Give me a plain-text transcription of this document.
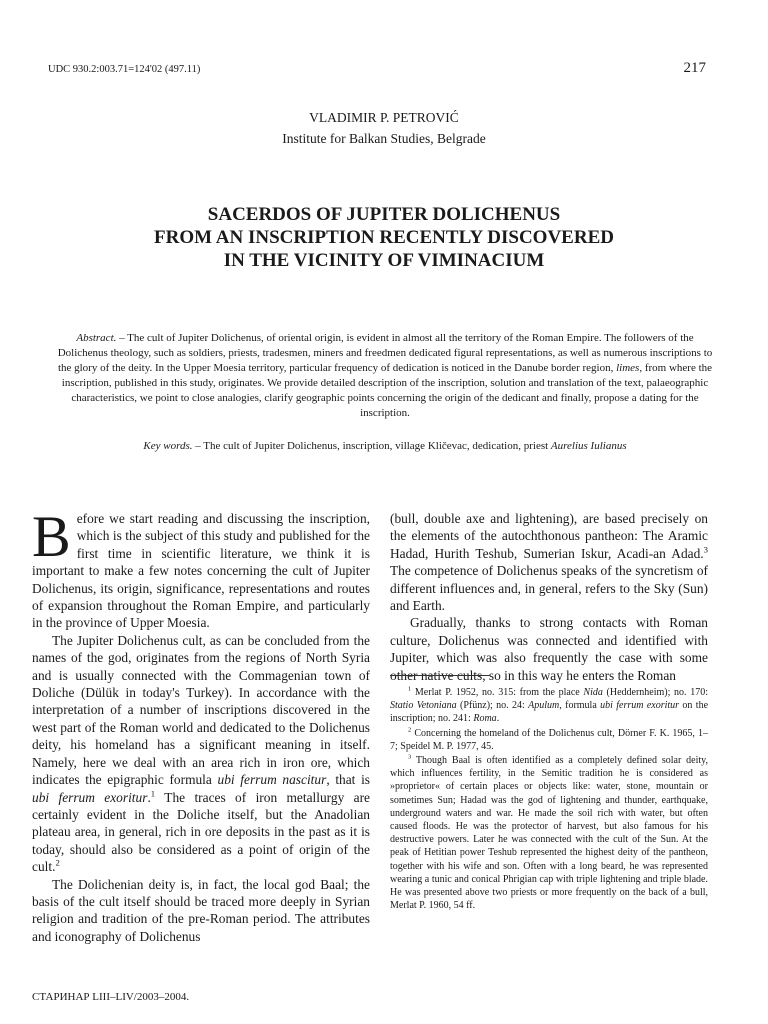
UDC 930.2:003.71=124'02 (497.11)	217
VLADIMIR P. PETROVIĆ
Institute for Balkan Studies, Belgrade
SACERDOS OF JUPITER DOLICHENUS
FROM AN INSCRIPTION RECENTLY DISCOVERED
IN THE VICINITY OF VIMINACIUM
Abstract. – The cult of Jupiter Dolichenus, of oriental origin, is evident in almost all the territory of the Roman Empire. The followers of the Dolichenus theology, such as soldiers, priests, tradesmen, miners and freedmen dedicated figural representations, as well as numerous inscriptions to the glory of the deity. In the Upper Moesia territory, particular frequency of dedication is noticed in the Danube border region, limes, from where the inscription, published in this study, originates. We provide detailed description of the inscription, solution and translation of the text, palaeographic characteristics, we point to close analogies, clarify geographic points concerning the origin of the dedicant and finally, propose a dating for the inscription.
Key words. – The cult of Jupiter Dolichenus, inscription, village Kličevac, dedication, priest Aurelius Iulianus

Before we start reading and discussing the inscription, which is the subject of this study and published for the first time in scientific literature, we think it is important to make a few notes concerning the cult of Jupiter Dolichenus, its origin, significance, representations and routes of expansion throughout the Roman Empire, and particularly in the province of Upper Moesia.

The Jupiter Dolichenus cult, as can be concluded from the names of the god, originates from the regions of North Syria and is usually connected with the Commagenian town of Doliche (Dülük in today's Turkey). In accordance with the interpretation of a number of inscriptions discovered in the west part of the Roman world and dedicated to the Dolichenus deity, his homeland has a significant meaning in itself. Namely, here we deal with an area rich in iron ore, which indicates the epigraphic formula ubi ferrum nascitur, that is ubi ferrum exoritur.$^1$ The traces of iron metallurgy are certainly evident in the Doliche itself, but the Anadolian plateau area, in general, rich in ore deposits in the past as it is today, should also be considered as a point of origin of the cult.$^2$

The Dolichenian deity is, in fact, the local god Baal; the basis of the cult itself should be traced more deeply in Syrian religion and tradition of the pre-Roman period. The attributes and iconography of Dolichenus

(bull, double axe and lightening), are based precisely on the elements of the autochthonous pantheon: The Aramic Hadad, Hurith Teshub, Sumerian Iskur, Acadi-an Adad.$^3$ The competence of Dolichenus speaks of the syncretism of different influences and, in general, refers to the Sky (Sun) and Earth.

Gradually, thanks to strong contacts with Roman culture, Dolichenus was connected and identified with Jupiter, which was also frequently the case with some other native cults, so in this way he enters the Roman

$^1$ Merlat P. 1952, no. 315: from the place Nida (Heddernheim); no. 170: Statio Vetoniana (Pfünz); no. 24: Apulum, formula ubi ferrum exoritur on the inscription; no. 241: Roma.

$^2$ Concerning the homeland of the Dolichenus cult, Dörner F. K. 1965, 1–7; Speidel M. P. 1977, 45.

$^3$ Though Baal is often identified as a completely defined solar deity, which influences fertility, in the Semitic tradition he is considered as »proprietor« of certain places or objects like: water, stone, mountain or sometimes Sun; Hadad was the god of lightening and thunder, earthquake, underground waters and war. He made the soil rich with water, but often caused floods. He was the protector of harvest, but also famous for his destructive powers. Later he was connected with the cult of the Sun. At the peak of Hetitian power Teshub represented the highest deity of the pantheon, together with his wife and son. Often with a long beard, he was represented wearing a tunic and conical Phrigian cap with triple lightening and triple blade. He was presented above two priests or more frequently on the back of a bull, Merlat P. 1960, 54 ff.

СТАРИНАР LIII–LIV/2003–2004.
